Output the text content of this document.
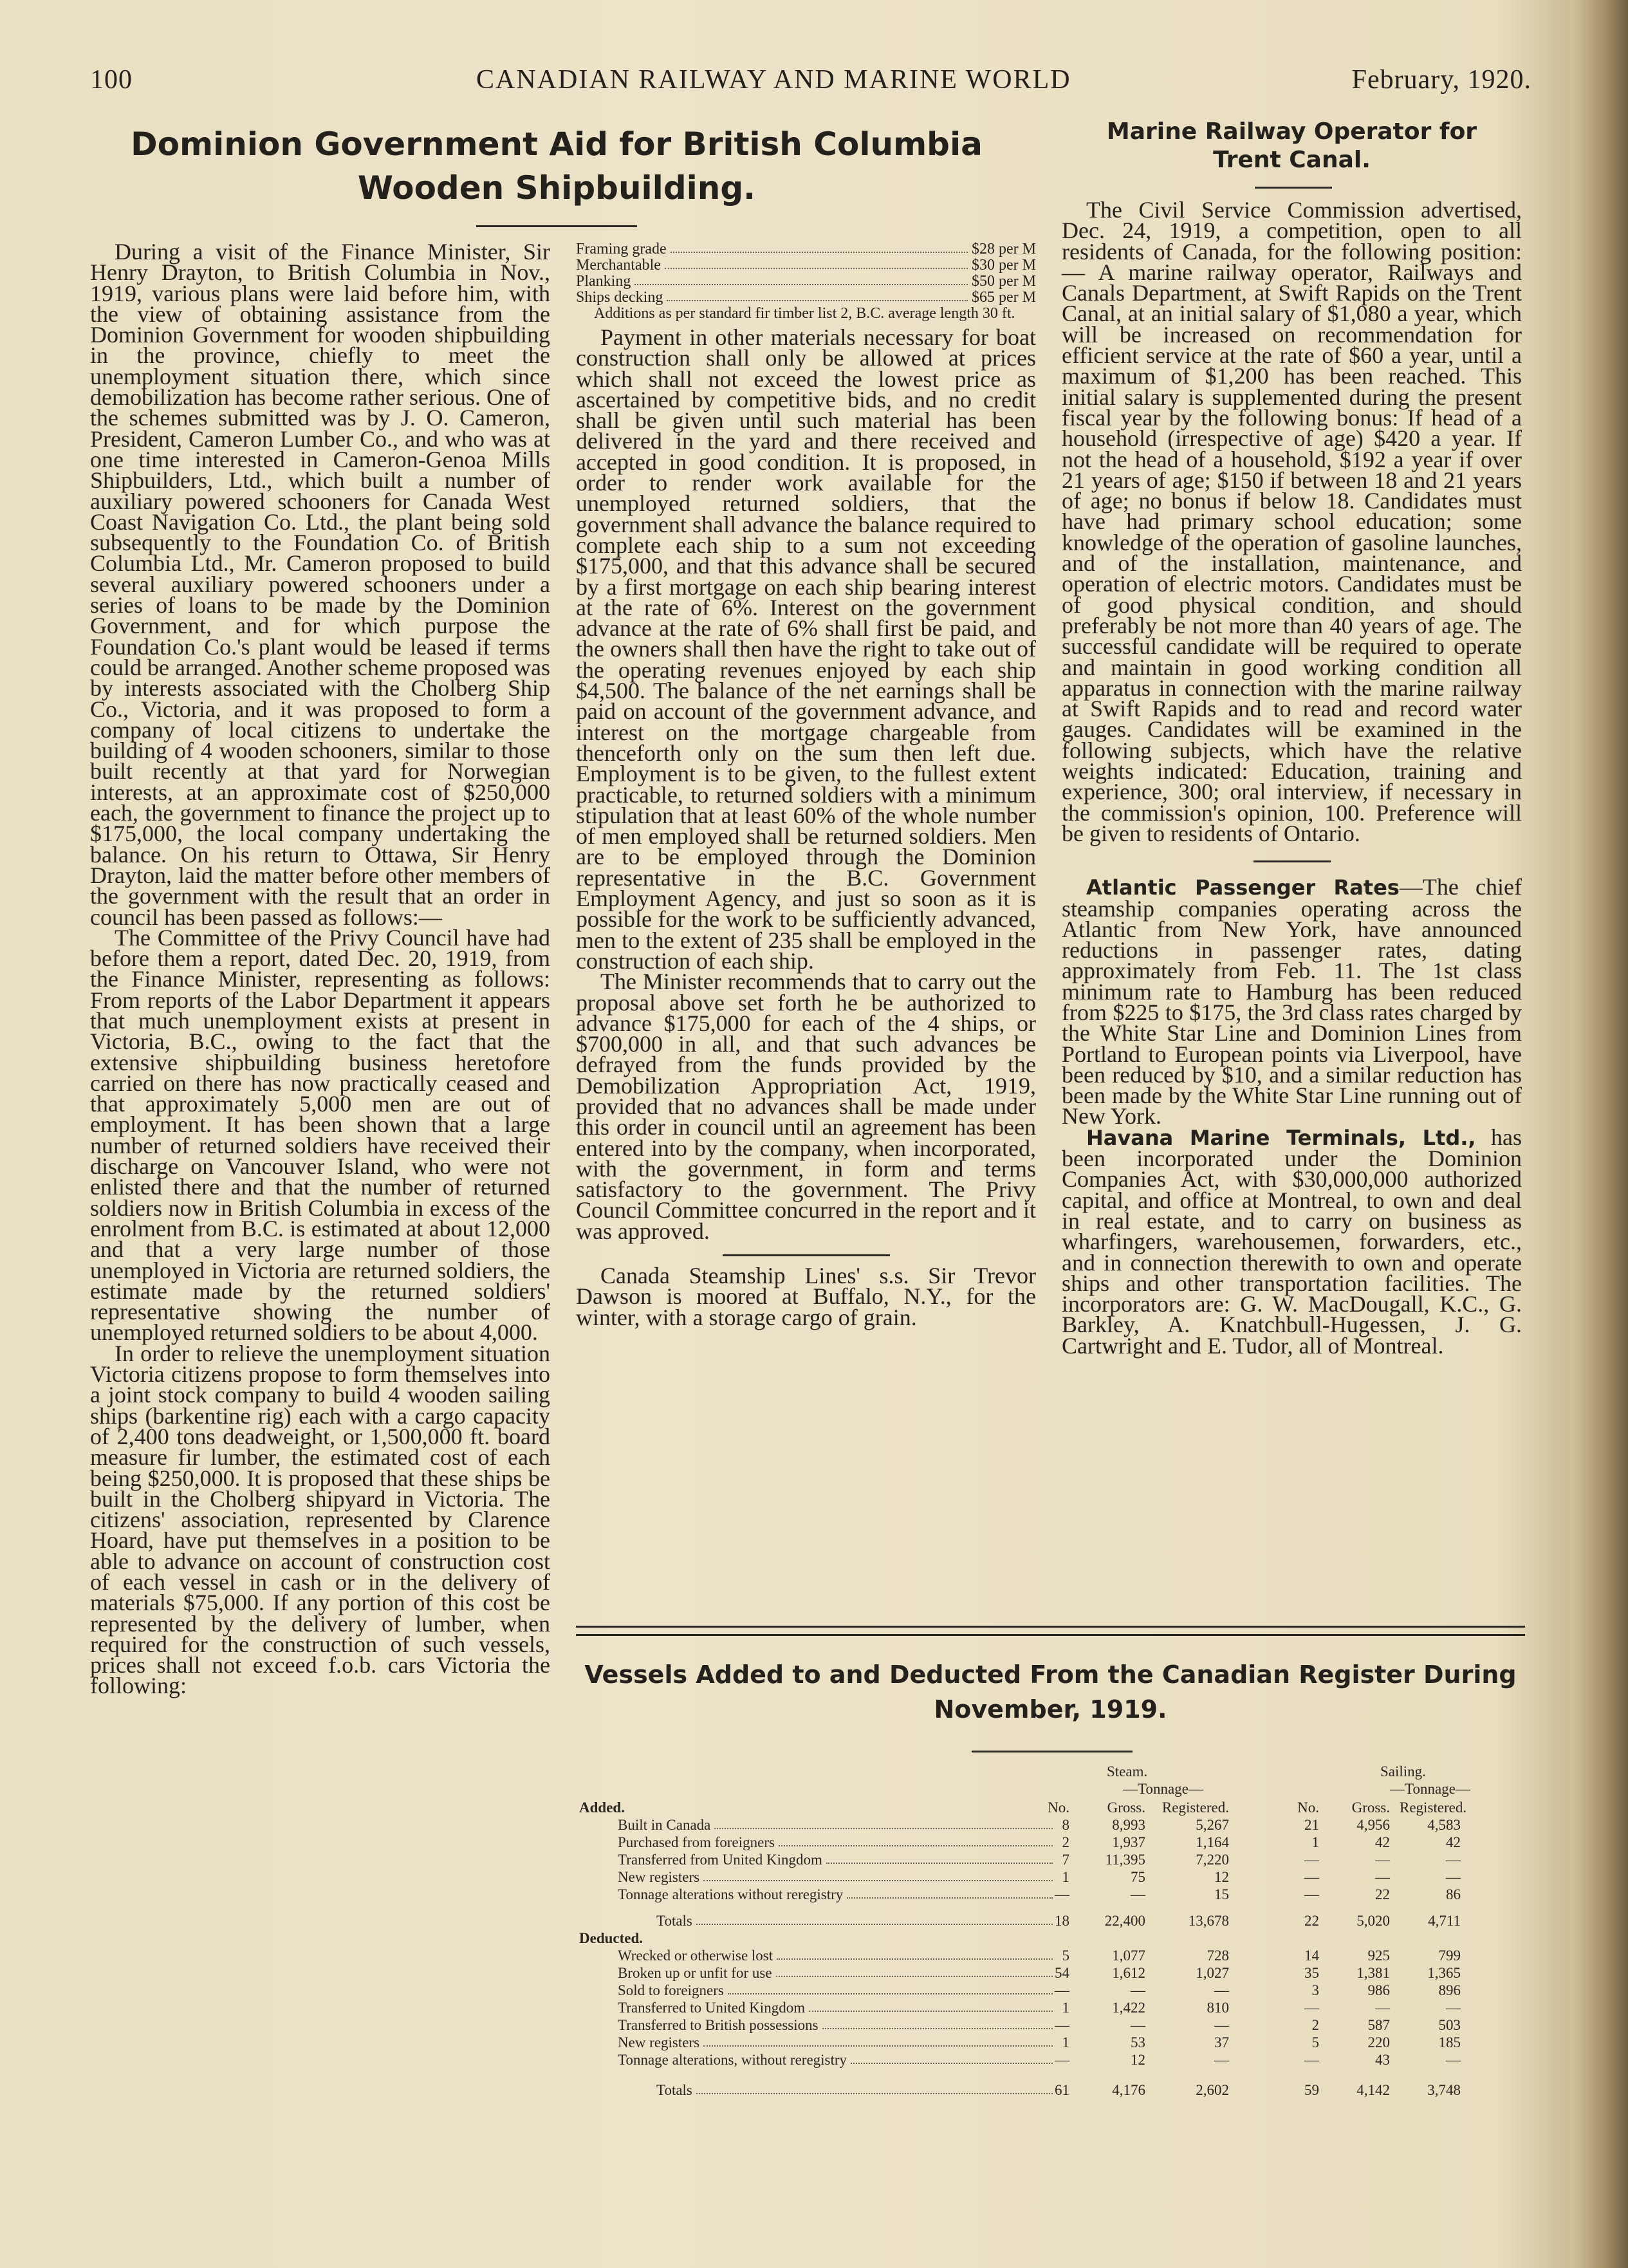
100	CANADIAN RAILWAY AND MARINE WORLD	February, 1920.
Dominion Government Aid for British Columbia
Wooden Shipbuilding.

During a visit of the Finance Minister, Sir Henry Drayton, to British Columbia in Nov., 1919, various plans were laid before him, with the view of obtaining assistance from the Dominion Government for wooden shipbuilding in the province, chiefly to meet the unemployment situation there, which since demobilization has become rather serious. One of the schemes submitted was by J. O. Cameron, President, Cameron Lumber Co., and who was at one time interested in Cameron-Genoa Mills Shipbuilders, Ltd., which built a number of auxiliary powered schooners for Canada West Coast Navigation Co. Ltd., the plant being sold subsequently to the Foundation Co. of British Columbia Ltd., Mr. Cameron proposed to build several auxiliary powered schooners under a series of loans to be made by the Dominion Government, and for which purpose the Foundation Co.'s plant would be leased if terms could be arranged. Another scheme proposed was by interests associated with the Cholberg Ship Co., Victoria, and it was proposed to form a company of local citizens to undertake the building of 4 wooden schooners, similar to those built recently at that yard for Norwegian interests, at an approximate cost of $250,000 each, the government to finance the project up to $175,000, the local company undertaking the balance. On his return to Ottawa, Sir Henry Drayton, laid the matter before other members of the government with the result that an order in council has been passed as follows:—

The Committee of the Privy Council have had before them a report, dated Dec. 20, 1919, from the Finance Minister, representing as follows: From reports of the Labor Department it appears that much unemployment exists at present in Victoria, B.C., owing to the fact that the extensive shipbuilding business heretofore carried on there has now practically ceased and that approximately 5,000 men are out of employment. It has been shown that a large number of returned soldiers have received their discharge on Vancouver Island, who were not enlisted there and that the number of returned soldiers now in British Columbia in excess of the enrolment from B.C. is estimated at about 12,000 and that a very large number of those unemployed in Victoria are returned soldiers, the estimate made by the returned soldiers' representative showing the number of unemployed returned soldiers to be about 4,000.

In order to relieve the unemployment situation Victoria citizens propose to form themselves into a joint stock company to build 4 wooden sailing ships (barkentine rig) each with a cargo capacity of 2,400 tons deadweight, or 1,500,000 ft. board measure fir lumber, the estimated cost of each being $250,000. It is proposed that these ships be built in the Cholberg shipyard in Victoria. The citizens' association, represented by Clarence Hoard, have put themselves in a position to be able to advance on account of construction cost of each vessel in cash or in the delivery of materials $75,000. If any portion of this cost be represented by the delivery of lumber, when required for the construction of such vessels, prices shall not exceed f.o.b. cars Victoria the following:

Framing grade	$28 per M
Merchantable	$30 per M
Planking	$50 per M
Ships decking	$65 per M
Additions as per standard fir timber list 2, B.C. average length 30 ft.

Payment in other materials necessary for boat construction shall only be allowed at prices which shall not exceed the lowest price as ascertained by competitive bids, and no credit shall be given until such material has been delivered in the yard and there received and accepted in good condition. It is proposed, in order to render work available for the unemployed returned soldiers, that the government shall advance the balance required to complete each ship to a sum not exceeding $175,000, and that this advance shall be secured by a first mortgage on each ship bearing interest at the rate of 6%. Interest on the government advance at the rate of 6% shall first be paid, and the owners shall then have the right to take out of the operating revenues enjoyed by each ship $4,500. The balance of the net earnings shall be paid on account of the government advance, and interest on the mortgage chargeable from thenceforth only on the sum then left due. Employment is to be given, to the fullest extent practicable, to returned soldiers with a minimum stipulation that at least 60% of the whole number of men employed shall be returned soldiers. Men are to be employed through the Dominion representative in the B.C. Government Employment Agency, and just so soon as it is possible for the work to be sufficiently advanced, men to the extent of 235 shall be employed in the construction of each ship.

The Minister recommends that to carry out the proposal above set forth he be authorized to advance $175,000 for each of the 4 ships, or $700,000 in all, and that such advances be defrayed from the funds provided by the Demobilization Appropriation Act, 1919, provided that no advances shall be made under this order in council until an agreement has been entered into by the company, when incorporated, with the government, in form and terms satisfactory to the government. The Privy Council Committee concurred in the report and it was approved.

Canada Steamship Lines' s.s. Sir Trevor Dawson is moored at Buffalo, N.Y., for the winter, with a storage cargo of grain.

Marine Railway Operator for
Trent Canal.

The Civil Service Commission advertised, Dec. 24, 1919, a competition, open to all residents of Canada, for the following position: — A marine railway operator, Railways and Canals Department, at Swift Rapids on the Trent Canal, at an initial salary of $1,080 a year, which will be increased on recommendation for efficient service at the rate of $60 a year, until a maximum of $1,200 has been reached. This initial salary is supplemented during the present fiscal year by the following bonus: If head of a household (irrespective of age) $420 a year. If not the head of a household, $192 a year if over 21 years of age; $150 if between 18 and 21 years of age; no bonus if below 18. Candidates must have had primary school education; some knowledge of the operation of gasoline launches, and of the installation, maintenance, and operation of electric motors. Candidates must be of good physical condition, and should preferably be not more than 40 years of age. The successful candidate will be required to operate and maintain in good working condition all apparatus in connection with the marine railway at Swift Rapids and to read and record water gauges. Candidates will be examined in the following subjects, which have the relative weights indicated: Education, training and experience, 300; oral interview, if necessary in the commission's opinion, 100. Preference will be given to residents of Ontario.

Atlantic Passenger Rates—The chief steamship companies operating across the Atlantic from New York, have announced reductions in passenger rates, dating approximately from Feb. 11. The 1st class minimum rate to Hamburg has been reduced from $225 to $175, the 3rd class rates charged by the White Star Line and Dominion Lines from Portland to European points via Liverpool, have been reduced by $10, and a similar reduction has been made by the White Star Line running out of New York.

Havana Marine Terminals, Ltd., has been incorporated under the Dominion Companies Act, with $30,000,000 authorized capital, and office at Montreal, to own and deal in real estate, and to carry on business as wharfingers, warehousemen, forwarders, etc., and in connection therewith to own and operate ships and other transportation facilities. The incorporators are: G. W. MacDougall, K.C., G. Barkley, A. Knatchbull-Hugessen, J. G. Cartwright and E. Tudor, all of Montreal.

Vessels Added to and Deducted From the Canadian Register During
November, 1919.
Steam.
—Tonnage—
Sailing.
—Tonnage—
Added.	No.	Gross.	Registered.	No.	Gross. Registered.
Built in Canada	8	8,993	5,267	21	4,956	4,583
Purchased from foreigners	2	1,937	1,164	1	42	42
Transferred from United Kingdom	7	11,395	7,220	—	—	—
New registers	1	75	12	—	—	—
Tonnage alterations without reregistry	—	—	15	—	22	86
Totals	18	22,400	13,678	22	5,020	4,711
Deducted.
Wrecked or otherwise lost	5	1,077	728	14	925	799
Broken up or unfit for use	54	1,612	1,027	35	1,381	1,365
Sold to foreigners	—	—	—	3	986	896
Transferred to United Kingdom	1	1,422	810	—	—	—
Transferred to British possessions	—	—	—	2	587	503
New registers	1	53	37	5	220	185
Tonnage alterations, without reregistry	—	12	—	—	43	—
Totals	61	4,176	2,602	59	4,142	3,748
